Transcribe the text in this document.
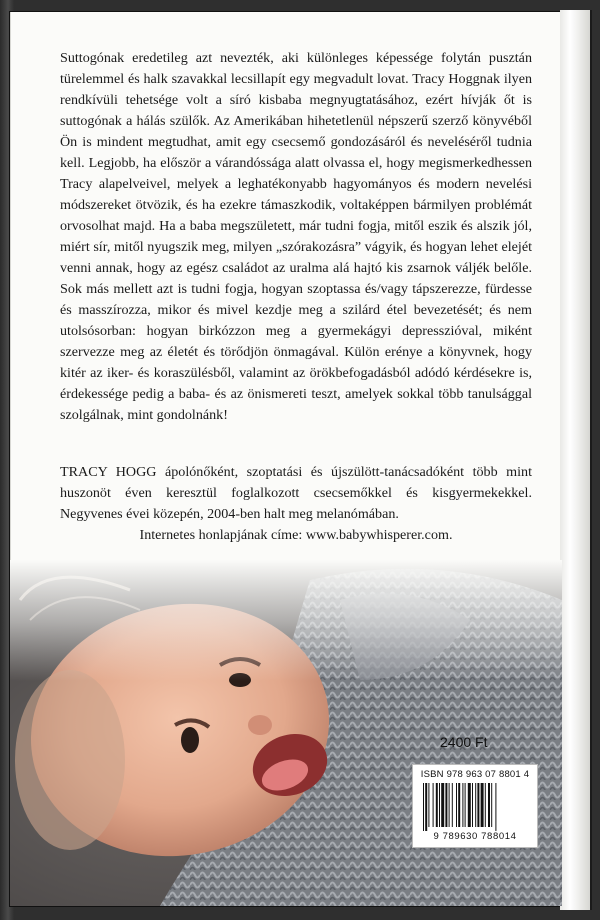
Suttogónak eredetileg azt nevezték, aki különleges képessége folytán pusztán türelemmel és halk szavakkal lecsillapít egy megvadult lovat. Tracy Hoggnak ilyen rendkívüli tehetsége volt a síró kisbaba megnyugtatásához, ezért hívják őt is suttogónak a hálás szülők. Az Amerikában hihetetlenül népszerű szerző könyvéből Ön is mindent megtudhat, amit egy csecsemő gondozásáról és neveléséről tudnia kell. Legjobb, ha először a várandóssága alatt olvassa el, hogy megismerkedhessen Tracy alapelveivel, melyek a leghatékonyabb hagyományos és modern nevelési módszereket ötvözik, és ha ezekre támaszkodik, voltaképpen bármilyen problémát orvosolhat majd. Ha a baba megszületett, már tudni fogja, mitől eszik és alszik jól, miért sír, mitől nyugszik meg, milyen „szórakozásra” vágyik, és hogyan lehet elejét venni annak, hogy az egész családot az uralma alá hajtó kis zsarnok váljék belőle. Sok más mellett azt is tudni fogja, hogyan szoptassa és/vagy tápszerezze, fürdesse és masszírozza, mikor és mivel kezdje meg a szilárd étel bevezetését; és nem utolsósorban: hogyan birkózzon meg a gyermekágyi depresszióval, miként szervezze meg az életét és törődjön önmagával. Külön erénye a könyvnek, hogy kitér az iker- és koraszülésből, valamint az örökbefogadásból adódó kérdésekre is, érdekessége pedig a baba- és az önismereti teszt, amelyek sokkal több tanulsággal szolgálnak, mint gondolnánk!

TRACY HOGG ápolónőként, szoptatási és újszülött-tanácsadóként több mint huszonöt éven keresztül foglalkozott csecsemőkkel és kisgyermekekkel. Negyvenes évei közepén, 2004-ben halt meg melanómában.
Internetes honlapjának címe: www.babywhisperer.com.
2400 Ft
ISBN 978 963 07 8801 4
9 789630 788014
